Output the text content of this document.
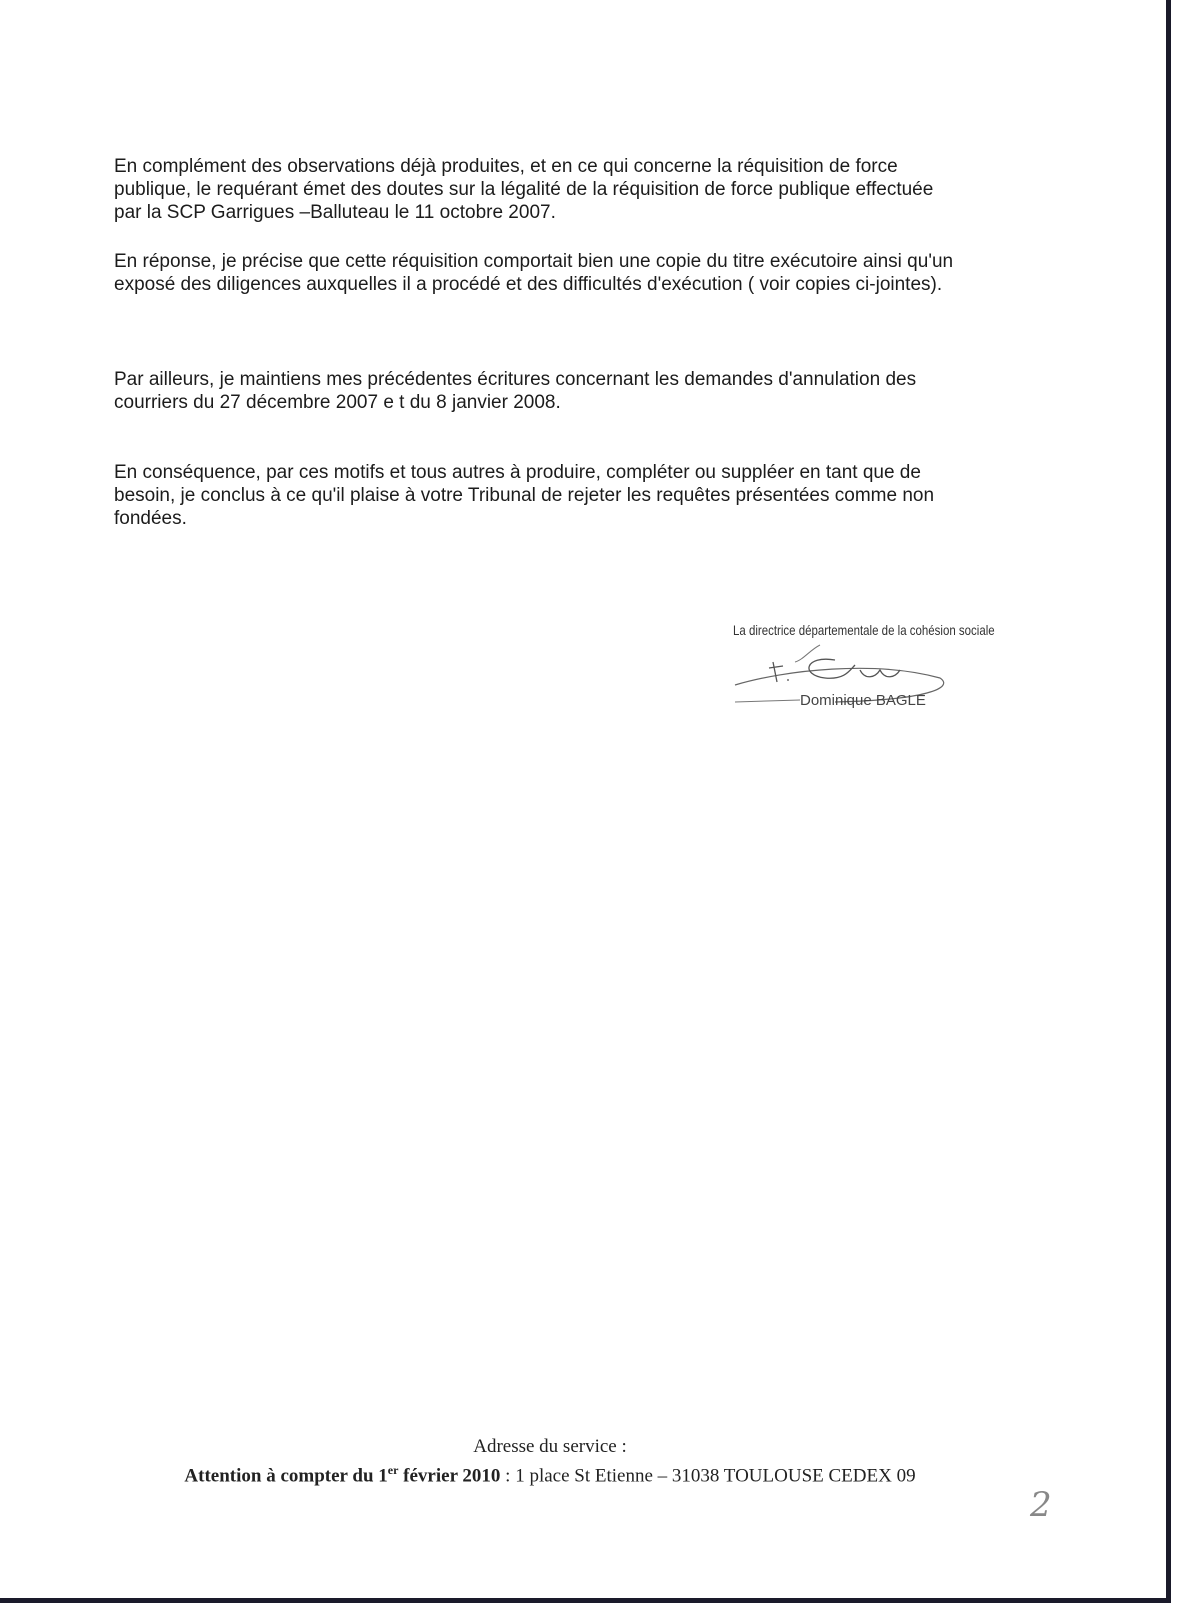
En complément des observations déjà produites, et en ce qui concerne la réquisition de force
publique, le requérant émet des doutes sur la légalité de la réquisition de force publique effectuée
par la SCP Garrigues –Balluteau le 11 octobre 2007.
En réponse, je précise que cette réquisition comportait bien une copie du titre exécutoire ainsi qu'un
exposé des diligences auxquelles il a procédé et des difficultés d'exécution ( voir copies ci-jointes).
Par ailleurs, je maintiens mes précédentes écritures concernant les demandes d'annulation des
courriers du 27 décembre 2007 e t du 8 janvier 2008.
En conséquence, par ces motifs et tous autres à produire, compléter ou suppléer en tant que de
besoin, je conclus à ce qu'il plaise à votre Tribunal de rejeter les requêtes présentées comme non
fondées.
La directrice départementale de la cohésion sociale
Dominique BAGLE
Adresse du service :
Attention à compter du 1er février 2010 : 1 place St Etienne – 31038 TOULOUSE CEDEX 09
2
